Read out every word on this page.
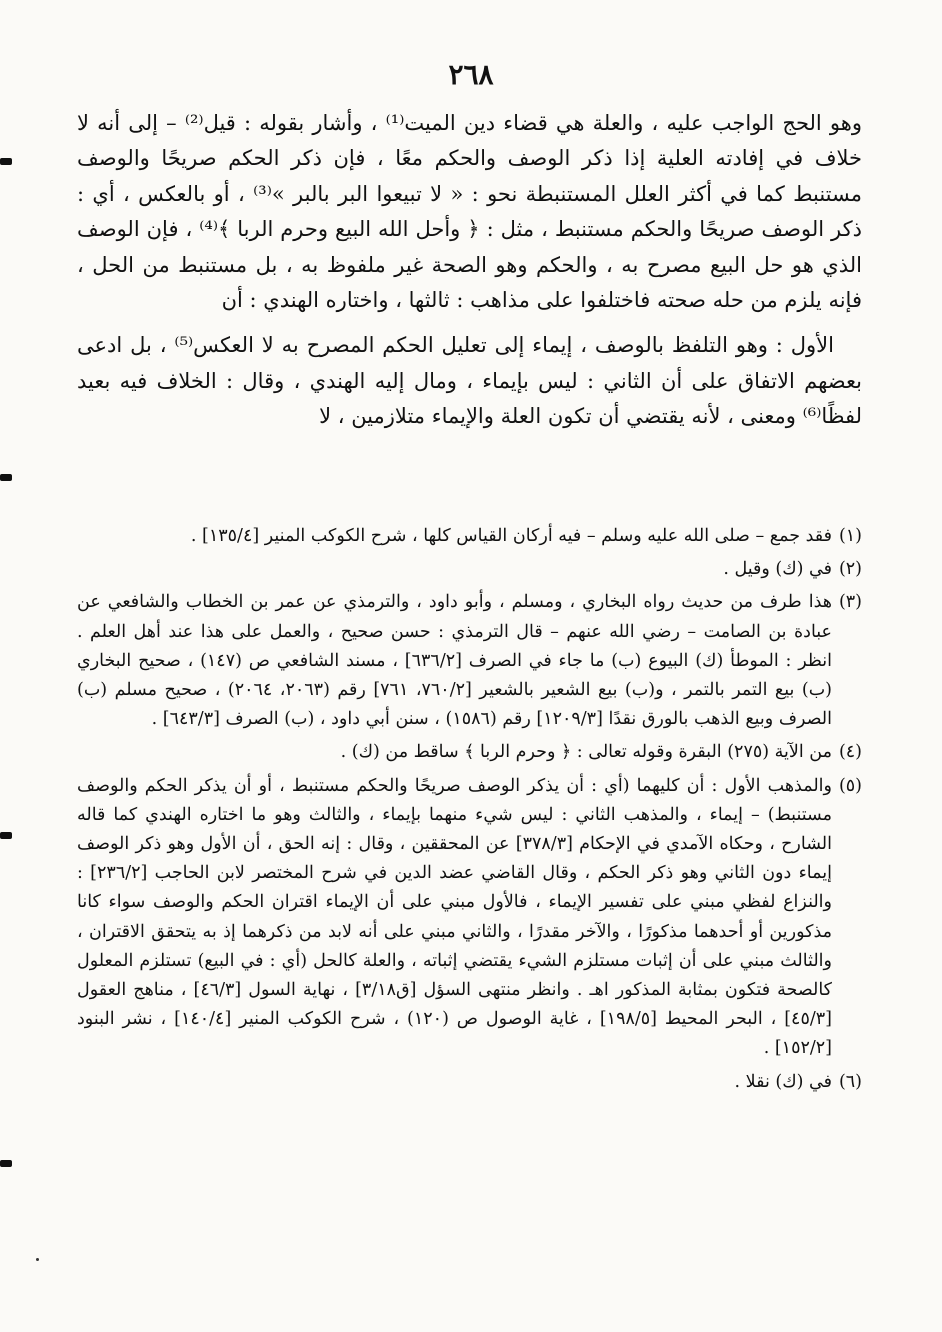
٢٦٨

وهو الحج الواجب عليه ، والعلة هي قضاء دين الميت⁽¹⁾ ، وأشار بقوله : قيل⁽²⁾ – إلى أنه لا خلاف في إفادته العلية إذا ذكر الوصف والحكم معًا ، فإن ذكر الحكم صريحًا والوصف مستنبط كما في أكثر العلل المستنبطة نحو : « لا تبيعوا البر بالبر »⁽³⁾ ، أو بالعكس ، أي : ذكر الوصف صريحًا والحكم مستنبط ، مثل : ﴿ وأحل الله البيع وحرم الربا ﴾⁽⁴⁾ ، فإن الوصف الذي هو حل البيع مصرح به ، والحكم وهو الصحة غير ملفوظ به ، بل مستنبط من الحل ، فإنه يلزم من حله صحته فاختلفوا على مذاهب : ثالثها ، واختاره الهندي : أن

الأول : وهو التلفظ بالوصف ، إيماء إلى تعليل الحكم المصرح به لا العكس⁽⁵⁾ ، بل ادعى بعضهم الاتفاق على أن الثاني : ليس بإيماء ، ومال إليه الهندي ، وقال : الخلاف فيه بعيد لفظًا⁽⁶⁾ ومعنى ، لأنه يقتضي أن تكون العلة والإيماء متلازمين ، لا

(١)فقد جمع – صلى الله عليه وسلم – فيه أركان القياس كلها ، شرح الكوكب المنير [١٣٥/٤] .

(٢)في (ك) وقيل .

(٣)هذا طرف من حديث رواه البخاري ، ومسلم ، وأبو داود ، والترمذي عن عمر بن الخطاب والشافعي عن عبادة بن الصامت – رضي الله عنهم – قال الترمذي : حسن صحيح ، والعمل على هذا عند أهل العلم . انظر : الموطأ (ك) البيوع (ب) ما جاء في الصرف [٦٣٦/٢] ، مسند الشافعي ص (١٤٧) ، صحيح البخاري (ب) بيع التمر بالتمر ، و(ب) بيع الشعير بالشعير [٧٦٠/٢، ٧٦١] رقم (٢٠٦٣، ٢٠٦٤) ، صحيح مسلم (ب) الصرف وبيع الذهب بالورق نقدًا [١٢٠٩/٣] رقم (١٥٨٦) ، سنن أبي داود ، (ب) الصرف [٦٤٣/٣] .

(٤)من الآية (٢٧٥) البقرة وقوله تعالى : ﴿ وحرم الربا ﴾ ساقط من (ك) .

(٥)والمذهب الأول : أن كليهما (أي : أن يذكر الوصف صريحًا والحكم مستنبط ، أو أن يذكر الحكم والوصف مستنبط) – إيماء ، والمذهب الثاني : ليس شيء منهما بإيماء ، والثالث وهو ما اختاره الهندي كما قاله الشارح ، وحكاه الآمدي في الإحكام [٣٧٨/٣] عن المحققين ، وقال : إنه الحق ، أن الأول وهو ذكر الوصف إيماء دون الثاني وهو ذكر الحكم ، وقال القاضي عضد الدين في شرح المختصر لابن الحاجب [٢٣٦/٢] : والنزاع لفظي مبني على تفسير الإيماء ، فالأول مبني على أن الإيماء اقتران الحكم والوصف سواء كانا مذكورين أو أحدهما مذكورًا ، والآخر مقدرًا ، والثاني مبني على أنه لابد من ذكرهما إذ به يتحقق الاقتران ، والثالث مبني على أن إثبات مستلزم الشيء يقتضي إثباته ، والعلة كالحل (أي : في البيع) تستلزم المعلول كالصحة فتكون بمثابة المذكور اهـ . وانظر منتهى السؤل [ق٣/١٨] ، نهاية السول [٤٦/٣] ، مناهج العقول [٤٥/٣] ، البحر المحيط [١٩٨/٥] ، غاية الوصول ص (١٢٠) ، شرح الكوكب المنير [١٤٠/٤] ، نشر البنود [١٥٢/٢] .

(٦)في (ك) نقلا .
